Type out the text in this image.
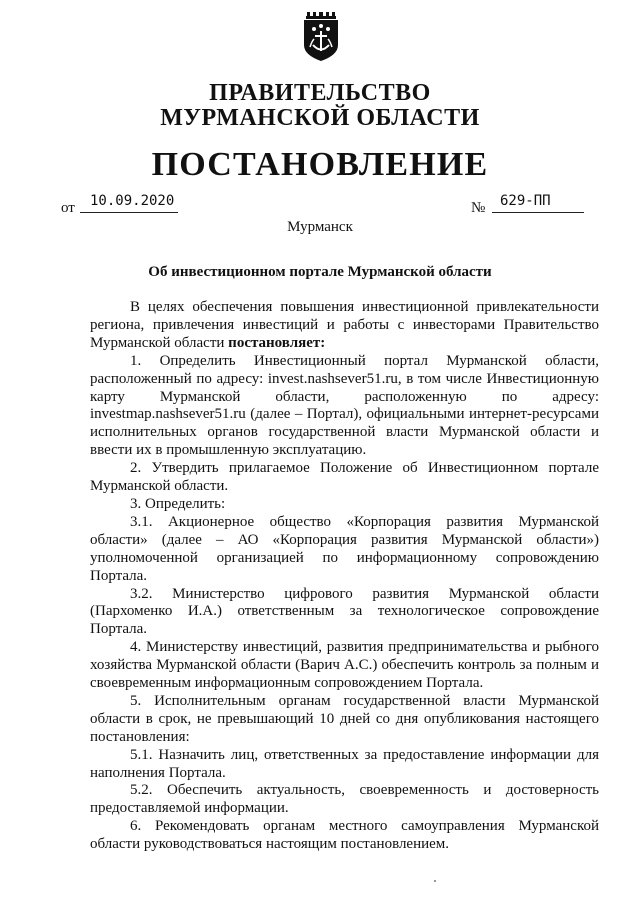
ПРАВИТЕЛЬСТВО
МУРМАНСКОЙ ОБЛАСТИ
ПОСТАНОВЛЕНИЕ
от 10.09.2020	№ 629-ПП
Мурманск
Об инвестиционном портале Мурманской области

В целях обеспечения повышения инвестиционной привлекательности региона, привлечения инвестиций и работы с инвесторами Правительство Мурманской области постановляет:

1. Определить Инвестиционный портал Мурманской области, расположенный по адресу: invest.nashsever51.ru, в том числе Инвестиционную карту Мурманской области, расположенную по адресу: investmap.nashsever51.ru (далее – Портал), официальными интернет-ресурсами исполнительных органов государственной власти Мурманской области и ввести их в промышленную эксплуатацию.

2. Утвердить прилагаемое Положение об Инвестиционном портале Мурманской области.

3. Определить:

3.1. Акционерное общество «Корпорация развития Мурманской области» (далее – АО «Корпорация развития Мурманской области») уполномоченной организацией по информационному сопровождению Портала.

3.2. Министерство цифрового развития Мурманской области (Пархоменко И.А.) ответственным за технологическое сопровождение Портала.

4. Министерству инвестиций, развития предпринимательства и рыбного хозяйства Мурманской области (Варич А.С.) обеспечить контроль за полным и своевременным информационным сопровождением Портала.

5. Исполнительным органам государственной власти Мурманской области в срок, не превышающий 10 дней со дня опубликования настоящего постановления:

5.1. Назначить лиц, ответственных за предоставление информации для наполнения Портала.

5.2. Обеспечить актуальность, своевременность и достоверность предоставляемой информации.

6. Рекомендовать органам местного самоуправления Мурманской области руководствоваться настоящим постановлением.
